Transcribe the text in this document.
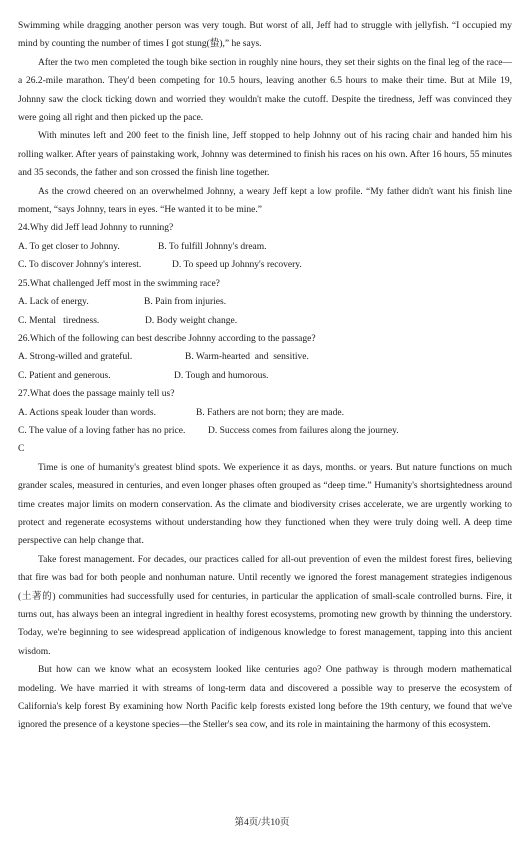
Swimming while dragging another person was very tough. But worst of all, Jeff had to struggle with jellyfish. “I occupied my mind by counting the number of times I got stung(蛰),” he says.

After the two men completed the tough bike section in roughly nine hours, they set their sights on the final leg of the race—a 26.2-mile marathon. They'd been competing for 10.5 hours, leaving another 6.5 hours to make their time. But at Mile 19, Johnny saw the clock ticking down and worried they wouldn't make the cutoff. Despite the tiredness, Jeff was convinced they were going all right and then picked up the pace.

With minutes left and 200 feet to the finish line, Jeff stopped to help Johnny out of his racing chair and handed him his rolling walker. After years of painstaking work, Johnny was determined to finish his races on his own. After 16 hours, 55 minutes and 35 seconds, the father and son crossed the finish line together.

As the crowd cheered on an overwhelmed Johnny, a weary Jeff kept a low profile. “My father didn't want his finish line moment, “says Johnny, tears in eyes. “He wanted it to be mine.”

24.Why did Jeff lead Johnny to running?

A. To get closer to Johnny.	B. To fulfill Johnny's dream.
C. To discover Johnny's interest.	D. To speed up Johnny's recovery.

25.What challenged Jeff most in the swimming race?

A. Lack of energy.	B. Pain from injuries.
C. Mental   tiredness.	D. Body weight change.

26.Which of the following can best describe Johnny according to the passage?

A. Strong-willed and grateful.	B. Warm-hearted  and  sensitive.
C. Patient and generous.	D. Tough and humorous.

27.What does the passage mainly tell us?

A. Actions speak louder than words.	B. Fathers are not born; they are made.
C. The value of a loving father has no price.	D. Success comes from failures along the journey.

C

Time is one of humanity's greatest blind spots. We experience it as days, months. or years. But nature functions on much grander scales, measured in centuries, and even longer phases often grouped as “deep time.” Humanity's shortsightedness around time creates major limits on modern conservation. As the climate and biodiversity crises accelerate, we are urgently working to protect and regenerate ecosystems without understanding how they functioned when they were truly doing well. A deep time perspective can help change that.

Take forest management. For decades, our practices called for all-out prevention of even the mildest forest fires, believing that fire was bad for both people and nonhuman nature. Until recently we ignored the forest management strategies indigenous (土著的) communities had successfully used for centuries, in particular the application of small-scale controlled burns. Fire, it turns out, has always been an integral ingredient in healthy forest ecosystems, promoting new growth by thinning the understory. Today, we're beginning to see widespread application of indigenous knowledge to forest management, tapping into this ancient wisdom.

But how can we know what an ecosystem looked like centuries ago? One pathway is through modern mathematical modeling. We have married it with streams of long-term data and discovered a possible way to preserve the ecosystem of California's kelp forest By examining how North Pacific kelp forests existed long before the 19th century, we found that we've ignored the presence of a keystone species—the Steller's sea cow, and its role in maintaining the harmony of this ecosystem.

第4页/共10页
